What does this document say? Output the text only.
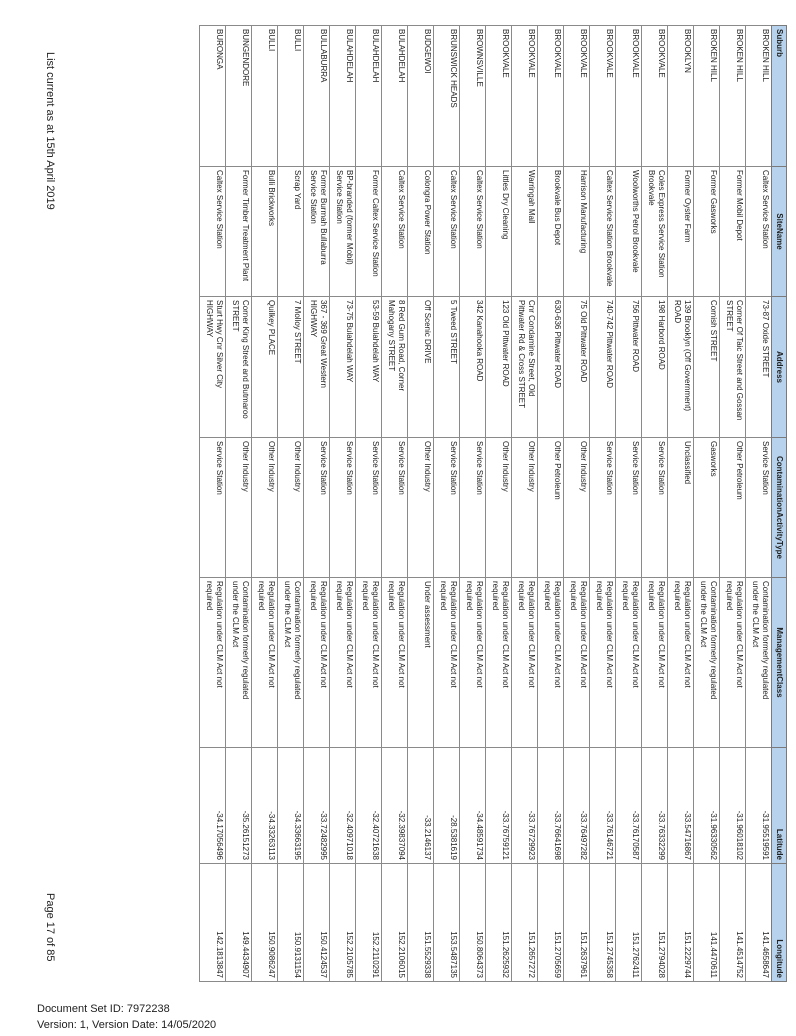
Suburb	SiteName	Address	ContaminationActivityType	ManagementClass	Latitude	Longitude
BROKEN HILL	Caltex Service Station	73-87 Oxide STREET	Service Station	Contamination formerly regulated
under the CLM Act	-31.95519591	141.4658647
BROKEN HILL	Former Mobil Depot	Corner Of Taic Street and Gossan
STREET	Other Petroleum	Regulation under CLM Act not
required	-31.96018102	141.4514752
BROKEN HILL	Former Gasworks	Cornish STREET	Gasworks	Contamination formerly regulated
under the CLM Act	-31.96330562	141.4470611
BROOKLYN	Former Oyster Farm	139 Brooklyn (Off Government)
ROAD	Unclassified	Regulation under CLM Act not
required	-33.54716867	151.2229744
BROOKVALE	Coles Express Service Station
Brookvale	198 Harbord ROAD	Service Station	Regulation under CLM Act not
required	-33.76332299	151.2794028
BROOKVALE	Woolworths Petrol Brookvale	756 Pittwater ROAD	Service Station	Regulation under CLM Act not
required	-33.76170587	151.2762411
BROOKVALE	Caltex Service Station Brookvale	740-742 Pittwater ROAD	Service Station	Regulation under CLM Act not
required	-33.76146721	151.2745358
BROOKVALE	Harrison Manufacturing	75 Old Pittwater ROAD	Other Industry	Regulation under CLM Act not
required	-33.76497282	151.2637961
BROOKVALE	Brookvale Bus Depot	630-636 Pittwater ROAD	Other Petroleum	Regulation under CLM Act not
required	-33.76641698	151.2705659
BROOKVALE	Warringah Mall	Cnr Condamine Street, Old
Pittwater Rd & Cross STREET	Other Industry	Regulation under CLM Act not
required	-33.76729923	151.2657272
BROOKVALE	Littles Dry Cleaning	123 Old Pittwater ROAD	Other Industry	Regulation under CLM Act not
required	-33.76759121	151.2625932
BROWNSVILLE	Caltex Service Station	342 Kanahooka ROAD	Service Station	Regulation under CLM Act not
required	-34.48591734	150.8064373
BRUNSWICK HEADS	Caltex Service Station	5 Tweed STREET	Service Station	Regulation under CLM Act not
required	-28.5381619	153.5487135
BUDGEWOI	Colongra Power Station	Off Scenic DRIVE	Other Industry	Under assessment	-33.2146137	151.5529338
BULAHDELAH	Caltex Service Station	8 Red Gum Road, Corner
Mahogany STREET	Service Station	Regulation under CLM Act not
required	-32.39837094	152.2106015
BULAHDELAH	Former Caltex Service Station	53-59 Bulahdelah WAY	Service Station	Regulation under CLM Act not
required	-32.40721638	152.2110291
BULAHDELAH	BP-branded (former Mobil)
Service Station	73-75 Bulahdelah WAY	Service Station	Regulation under CLM Act not
required	-32.40971018	152.2105785
BULLABURRA	Former Burmah Bullaburra
Service Station	367 - 369 Great Western
HIGHWAY	Service Station	Regulation under CLM Act not
required	-33.72482995	150.4124537
BULLI	Scrap Yard	7 Molloy STREET	Other Industry	Contamination formerly regulated
under the CLM Act	-34.33663195	150.9131154
BULLI	Bulli Brickworks	Quilkey PLACE	Other Industry	Regulation under CLM Act not
required	-34.33263113	150.9086247
BUNGENDORE	Former Timber Treatment Plant	Corner King Street and Butmaroo
STREET	Other Industry	Contamination formerly regulated
under the CLM Act	-35.26151273	149.4434907
BURONGA	Caltex Service Station	Sturt Hwy Cnr Silver City
HIGHWAY	Service Station	Regulation under CLM Act not
required	-34.17056496	142.1813847
List current as at 15th April 2019
Page 17 of 85
Document Set ID: 7972238
Version: 1, Version Date: 14/05/2020
